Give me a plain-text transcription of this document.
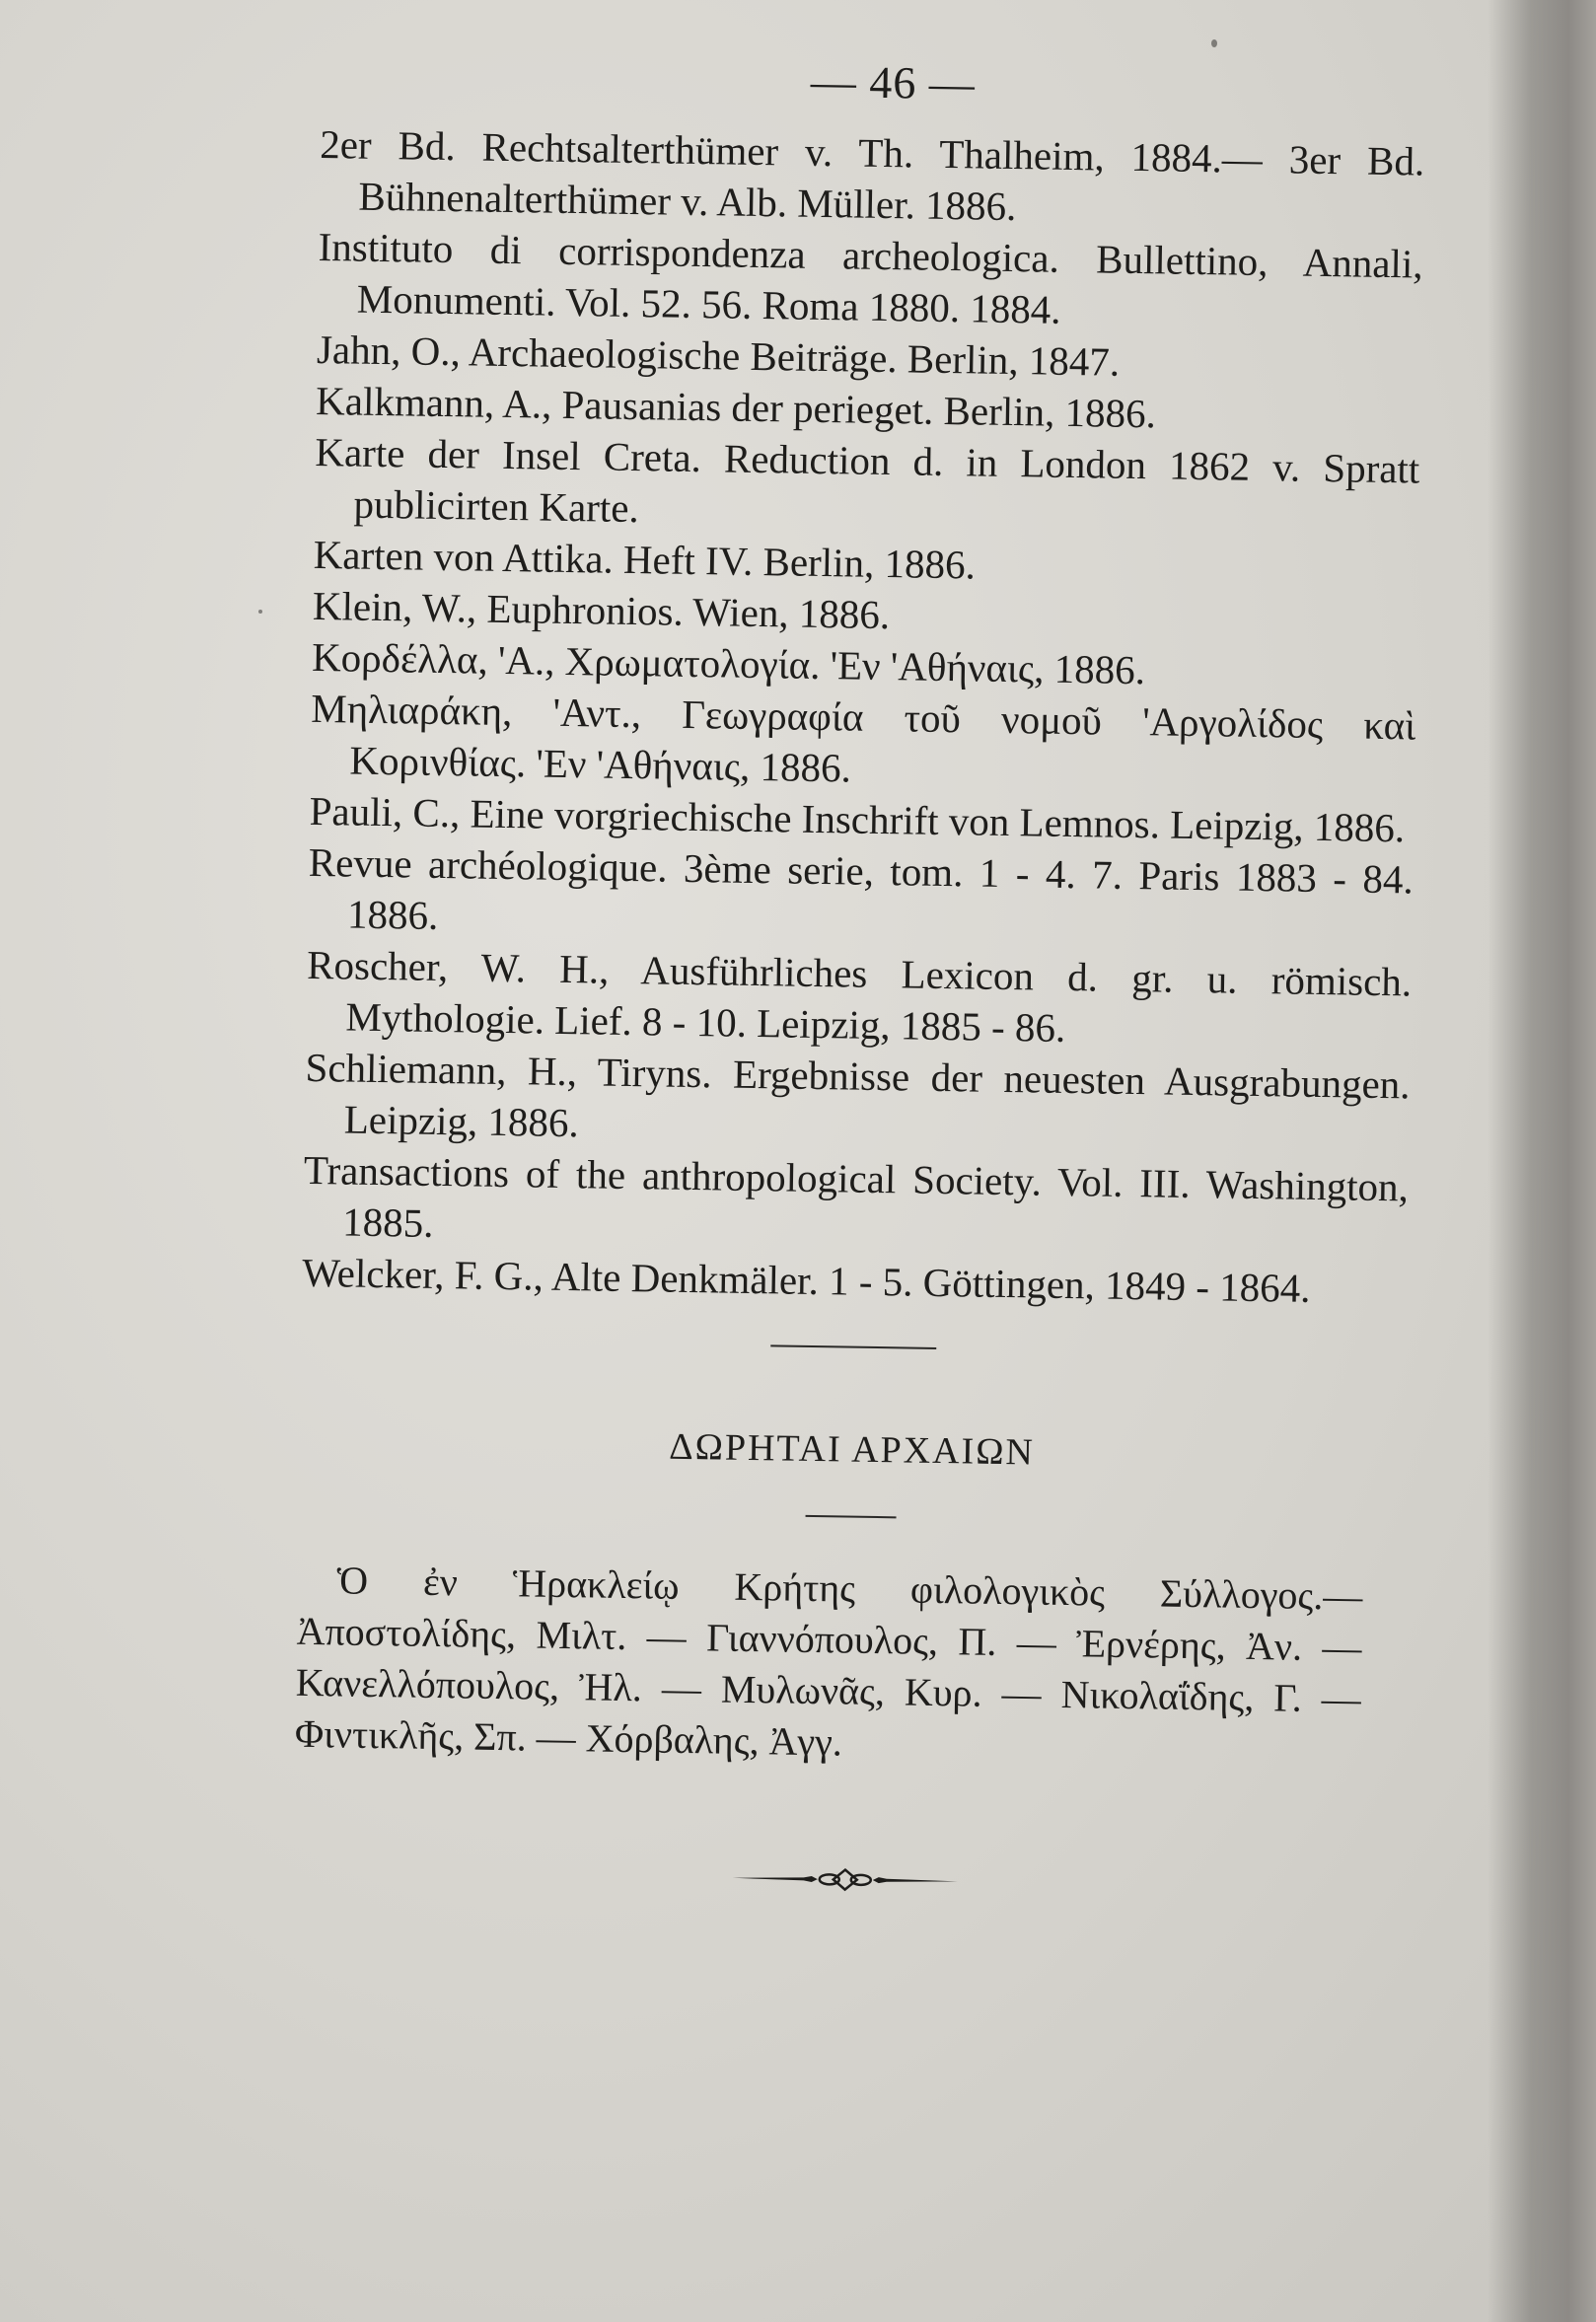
— 46 —
2er Bd. Rechtsalterthümer v. Th. Thalheim, 1884.— 3er Bd. Bühnenalterthümer v. Alb. Müller. 1886.
Instituto di corrispondenza archeologica. Bullettino, Annali, Monumenti. Vol. 52. 56. Roma 1880. 1884.
Jahn, O., Archaeologische Beiträge. Berlin, 1847.
Kalkmann, A., Pausanias der perieget. Berlin, 1886.
Karte der Insel Creta. Reduction d. in London 1862 v. Spratt publicirten Karte.
Karten von Attika. Heft IV. Berlin, 1886.
Klein, W., Euphronios. Wien, 1886.
Κορδέλλα, 'Α., Χρωματολογία. 'Εν 'Αθήναις, 1886.
Μηλιαράκη, 'Αντ., Γεωγραφία τοῦ νομοῦ 'Αργολίδος καὶ Κορινθίας. 'Εν 'Αθήναις, 1886.
Pauli, C., Eine vorgriechische Inschrift von Lemnos. Leipzig, 1886.
Revue archéologique. 3ème serie, tom. 1 - 4. 7. Paris 1883 - 84. 1886.
Roscher, W. H., Ausführliches Lexicon d. gr. u. römisch. Mythologie. Lief. 8 - 10. Leipzig, 1885 - 86.
Schliemann, H., Tiryns. Ergebnisse der neuesten Ausgrabungen. Leipzig, 1886.
Transactions of the anthropological Society. Vol. III. Washington, 1885.
Welcker, F. G., Alte Denkmäler. 1 - 5. Göttingen, 1849 - 1864.
ΔΩΡΗΤΑΙ ΑΡΧΑΙΩΝ

Ὁ ἐν Ἡρακλείῳ Κρήτης φιλολογικὸς Σύλλογος.— Ἀποστολίδης, Μιλτ. — Γιαννόπουλος, Π. — Ἐρνέρης, Ἀν. — Κανελλόπουλος, Ἠλ. — Μυλωνᾶς, Κυρ. — Νικολαΐδης, Γ. — Φιντικλῆς, Σπ. — Χόρβαλης, Ἀγγ.
